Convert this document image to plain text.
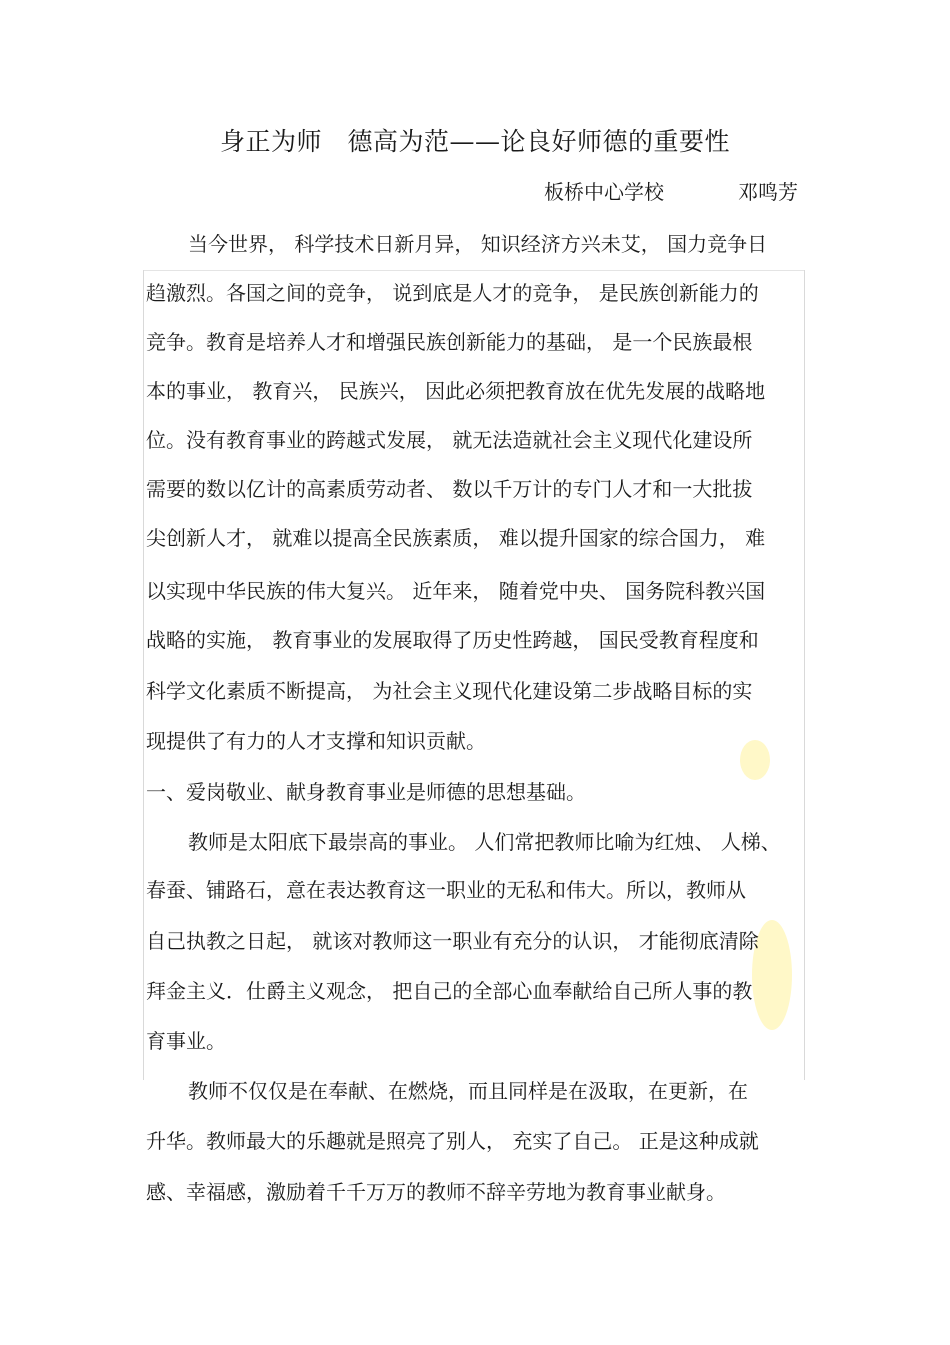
身正为师　德高为范——论良好师德的重要性
板桥中心学校	邓鸣芳
当今世界， 科学技术日新月异， 知识经济方兴未艾， 国力竞争日
趋激烈。各国之间的竞争， 说到底是人才的竞争， 是民族创新能力的
竞争。教育是培养人才和增强民族创新能力的基础， 是一个民族最根
本的事业， 教育兴， 民族兴， 因此必须把教育放在优先发展的战略地
位。没有教育事业的跨越式发展， 就无法造就社会主义现代化建设所
需要的数以亿计的高素质劳动者、 数以千万计的专门人才和一大批拔
尖创新人才， 就难以提高全民族素质， 难以提升国家的综合国力， 难
以实现中华民族的伟大复兴。 近年来， 随着党中央、 国务院科教兴国
战略的实施， 教育事业的发展取得了历史性跨越， 国民受教育程度和
科学文化素质不断提高， 为社会主义现代化建设第二步战略目标的实
现提供了有力的人才支撑和知识贡献。
一、爱岗敬业、献身教育事业是师德的思想基础。
教师是太阳底下最崇高的事业。 人们常把教师比喻为红烛、 人梯、
春蚕、铺路石，意在表达教育这一职业的无私和伟大。所以，教师从
自己执教之日起， 就该对教师这一职业有充分的认识， 才能彻底清除
拜金主义．仕爵主义观念， 把自己的全部心血奉献给自己所人事的教
育事业。
教师不仅仅是在奉献、在燃烧，而且同样是在汲取，在更新，在
升华。教师最大的乐趣就是照亮了别人， 充实了自己。 正是这种成就
感、幸福感，激励着千千万万的教师不辞辛劳地为教育事业献身。
